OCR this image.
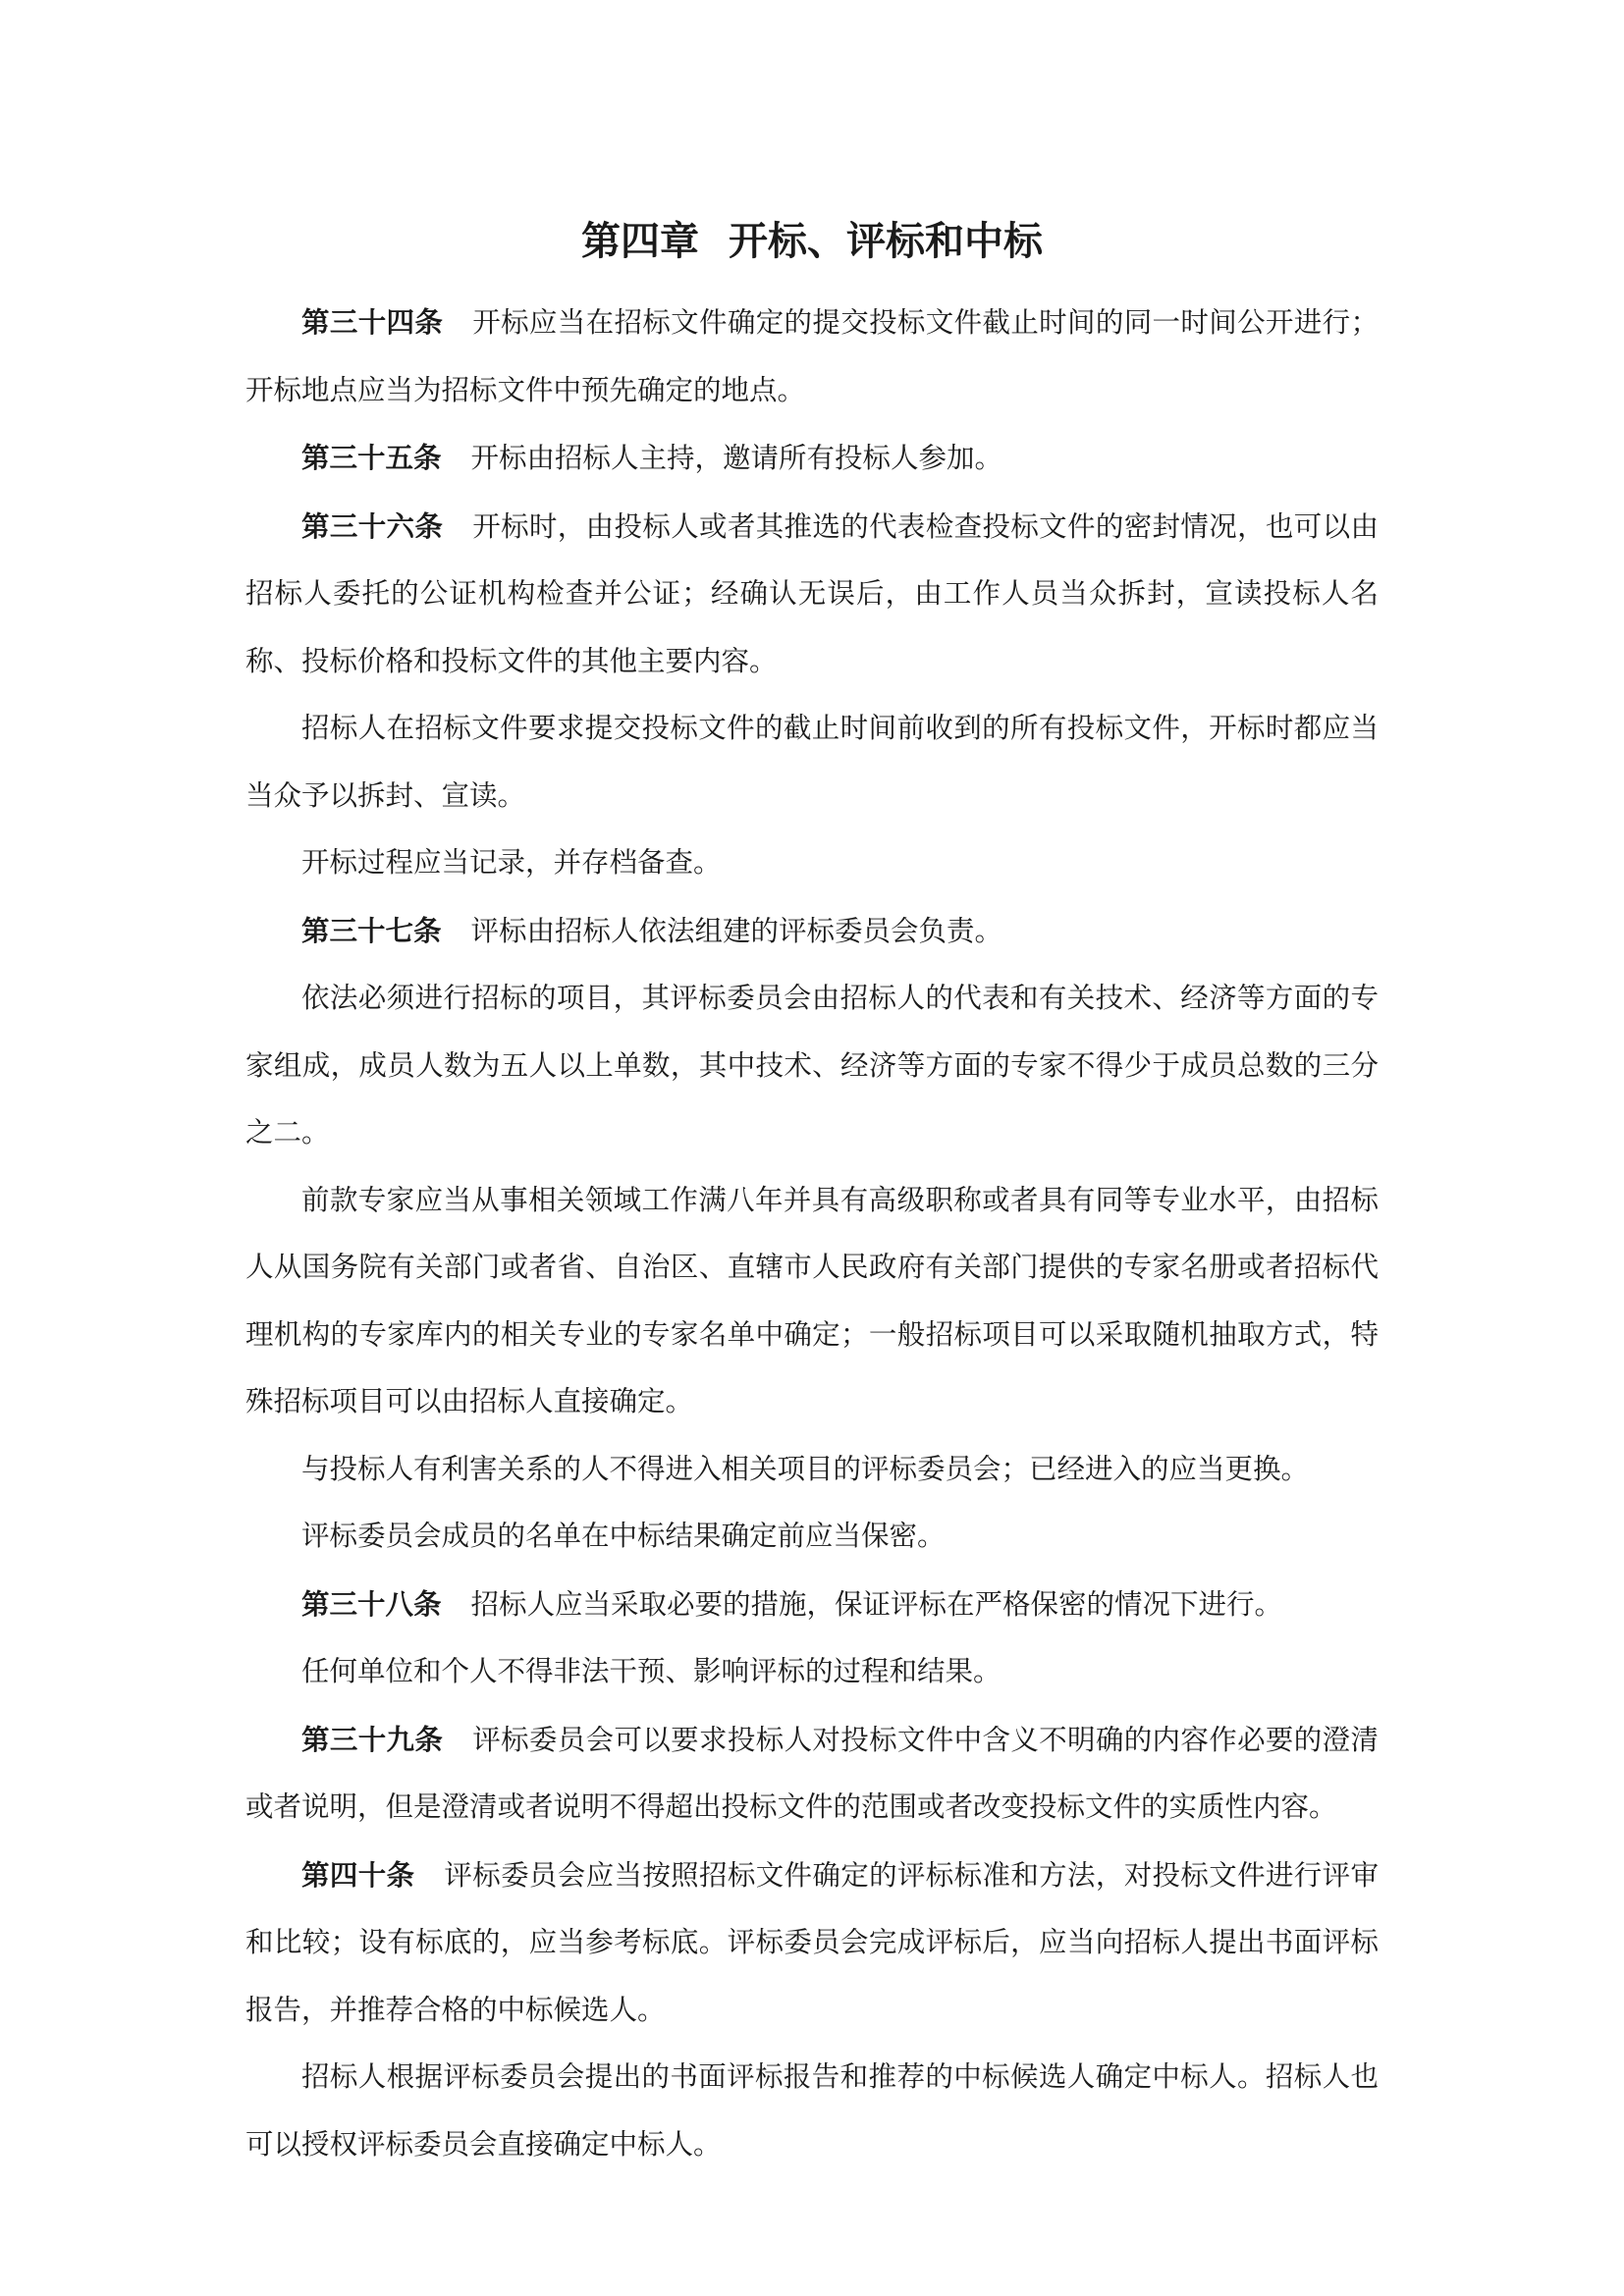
第四章 开标、评标和中标

第三十四条 开标应当在招标文件确定的提交投标文件截止时间的同一时间公开进行；开标地点应当为招标文件中预先确定的地点。

第三十五条 开标由招标人主持，邀请所有投标人参加。

第三十六条 开标时，由投标人或者其推选的代表检查投标文件的密封情况，也可以由招标人委托的公证机构检查并公证；经确认无误后，由工作人员当众拆封，宣读投标人名称、投标价格和投标文件的其他主要内容。

招标人在招标文件要求提交投标文件的截止时间前收到的所有投标文件，开标时都应当当众予以拆封、宣读。

开标过程应当记录，并存档备查。

第三十七条 评标由招标人依法组建的评标委员会负责。

依法必须进行招标的项目，其评标委员会由招标人的代表和有关技术、经济等方面的专家组成，成员人数为五人以上单数，其中技术、经济等方面的专家不得少于成员总数的三分之二。

前款专家应当从事相关领域工作满八年并具有高级职称或者具有同等专业水平，由招标人从国务院有关部门或者省、自治区、直辖市人民政府有关部门提供的专家名册或者招标代理机构的专家库内的相关专业的专家名单中确定；一般招标项目可以采取随机抽取方式，特殊招标项目可以由招标人直接确定。

与投标人有利害关系的人不得进入相关项目的评标委员会；已经进入的应当更换。

评标委员会成员的名单在中标结果确定前应当保密。

第三十八条 招标人应当采取必要的措施，保证评标在严格保密的情况下进行。

任何单位和个人不得非法干预、影响评标的过程和结果。

第三十九条 评标委员会可以要求投标人对投标文件中含义不明确的内容作必要的澄清或者说明，但是澄清或者说明不得超出投标文件的范围或者改变投标文件的实质性内容。

第四十条 评标委员会应当按照招标文件确定的评标标准和方法，对投标文件进行评审和比较；设有标底的，应当参考标底。评标委员会完成评标后，应当向招标人提出书面评标报告，并推荐合格的中标候选人。

招标人根据评标委员会提出的书面评标报告和推荐的中标候选人确定中标人。招标人也可以授权评标委员会直接确定中标人。
